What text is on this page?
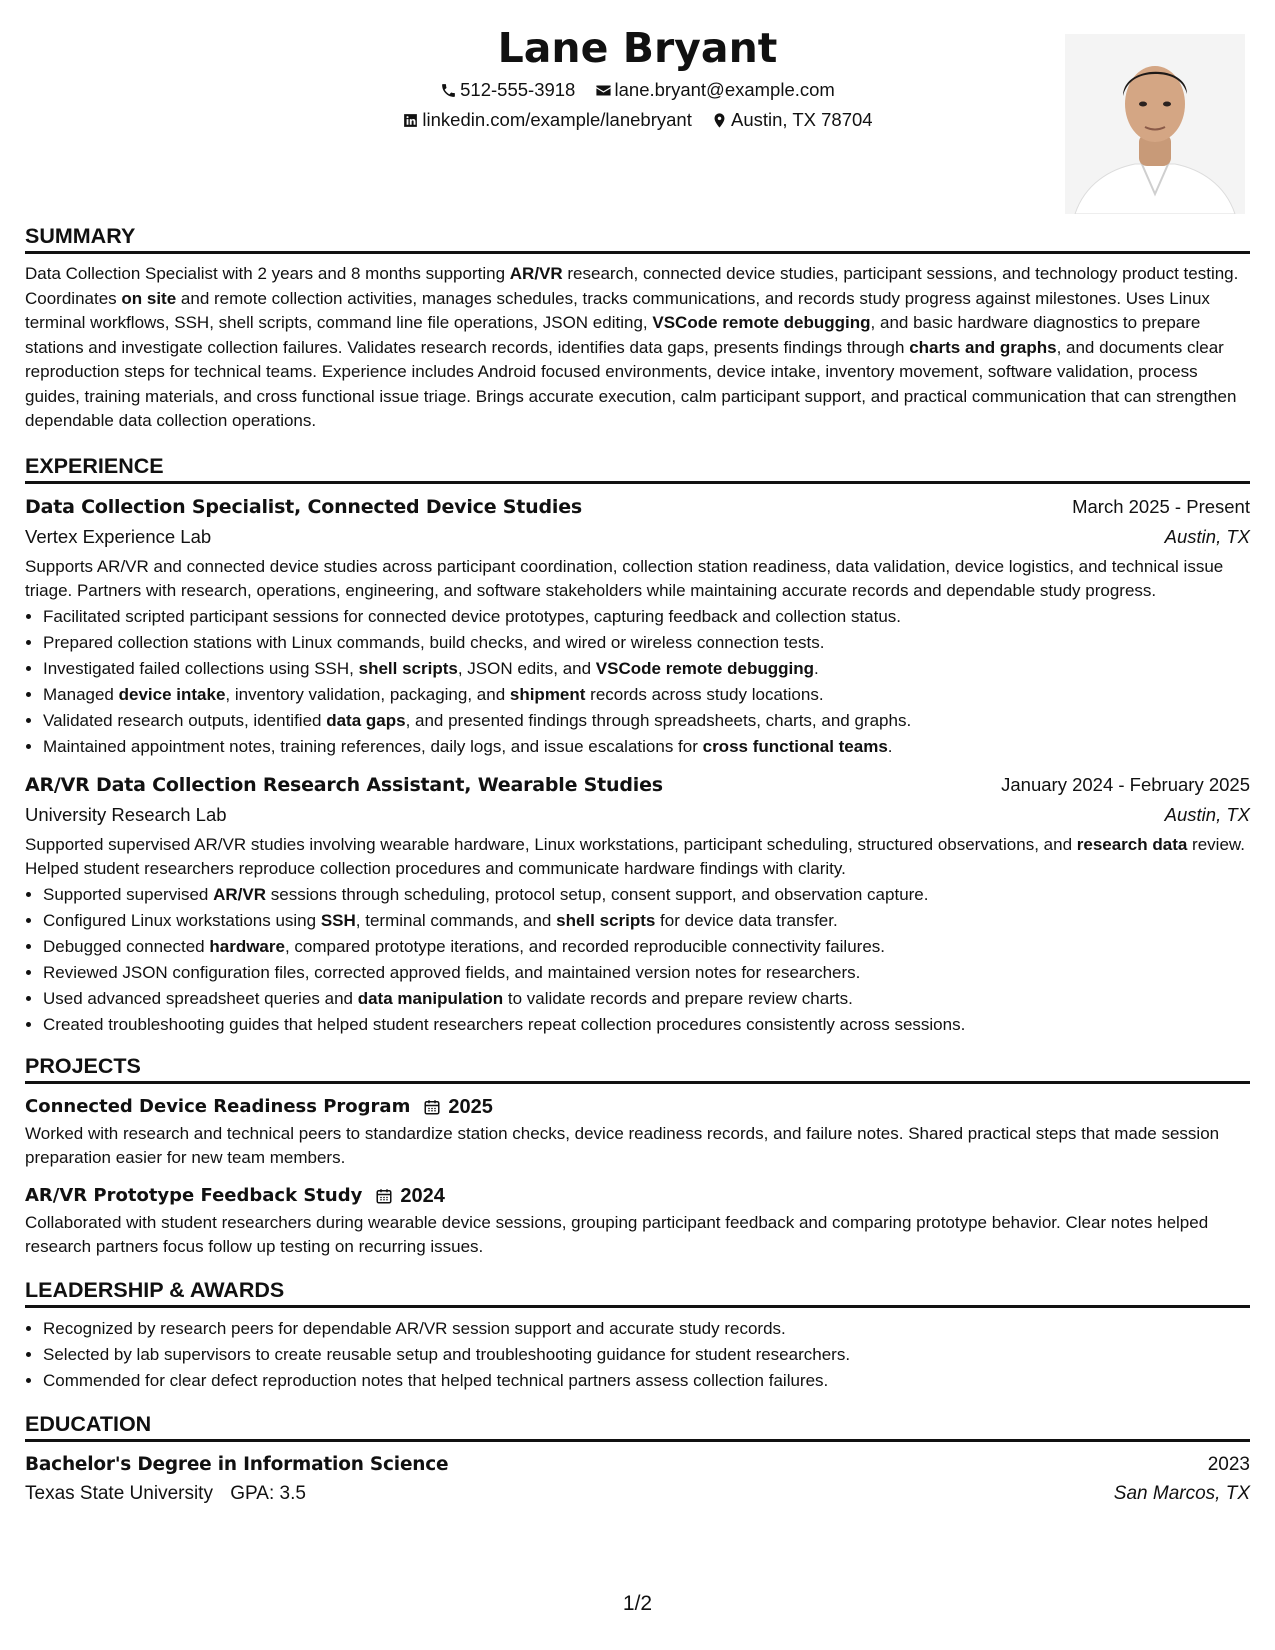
Lane Bryant
512-555-3918
lane.bryant@example.com
linkedin.com/example/lanebryant
Austin, TX 78704
SUMMARY

Data Collection Specialist with 2 years and 8 months supporting AR/VR research, connected device studies, participant sessions, and technology product testing. Coordinates on site and remote collection activities, manages schedules, tracks communications, and records study progress against milestones. Uses Linux terminal workflows, SSH, shell scripts, command line file operations, JSON editing, VSCode remote debugging, and basic hardware diagnostics to prepare stations and investigate collection failures. Validates research records, identifies data gaps, presents findings through charts and graphs, and documents clear reproduction steps for technical teams. Experience includes Android focused environments, device intake, inventory movement, software validation, process guides, training materials, and cross functional issue triage. Brings accurate execution, calm participant support, and practical communication that can strengthen dependable data collection operations.

EXPERIENCE
Data Collection Specialist, Connected Device Studies	March 2025 - Present
Vertex Experience Lab	Austin, TX

Supports AR/VR and connected device studies across participant coordination, collection station readiness, data validation, device logistics, and technical issue triage. Partners with research, operations, engineering, and software stakeholders while maintaining accurate records and dependable study progress.

• Facilitated scripted participant sessions for connected device prototypes, capturing feedback and collection status.
• Prepared collection stations with Linux commands, build checks, and wired or wireless connection tests.
• Investigated failed collections using SSH, shell scripts, JSON edits, and VSCode remote debugging.
• Managed device intake, inventory validation, packaging, and shipment records across study locations.
• Validated research outputs, identified data gaps, and presented findings through spreadsheets, charts, and graphs.
• Maintained appointment notes, training references, daily logs, and issue escalations for cross functional teams.
AR/VR Data Collection Research Assistant, Wearable Studies	January 2024 - February 2025
University Research Lab	Austin, TX

Supported supervised AR/VR studies involving wearable hardware, Linux workstations, participant scheduling, structured observations, and research data review. Helped student researchers reproduce collection procedures and communicate hardware findings with clarity.

• Supported supervised AR/VR sessions through scheduling, protocol setup, consent support, and observation capture.
• Configured Linux workstations using SSH, terminal commands, and shell scripts for device data transfer.
• Debugged connected hardware, compared prototype iterations, and recorded reproducible connectivity failures.
• Reviewed JSON configuration files, corrected approved fields, and maintained version notes for researchers.
• Used advanced spreadsheet queries and data manipulation to validate records and prepare review charts.
• Created troubleshooting guides that helped student researchers repeat collection procedures consistently across sessions.
PROJECTS
Connected Device Readiness Program 2025

Worked with research and technical peers to standardize station checks, device readiness records, and failure notes. Shared practical steps that made session preparation easier for new team members.

AR/VR Prototype Feedback Study 2024

Collaborated with student researchers during wearable device sessions, grouping participant feedback and comparing prototype behavior. Clear notes helped research partners focus follow up testing on recurring issues.

LEADERSHIP & AWARDS
• Recognized by research peers for dependable AR/VR session support and accurate study records.
• Selected by lab supervisors to create reusable setup and troubleshooting guidance for student researchers.
• Commended for clear defect reproduction notes that helped technical partners assess collection failures.
EDUCATION
Bachelor's Degree in Information Science	2023
Texas State University GPA: 3.5	San Marcos, TX
1/2
